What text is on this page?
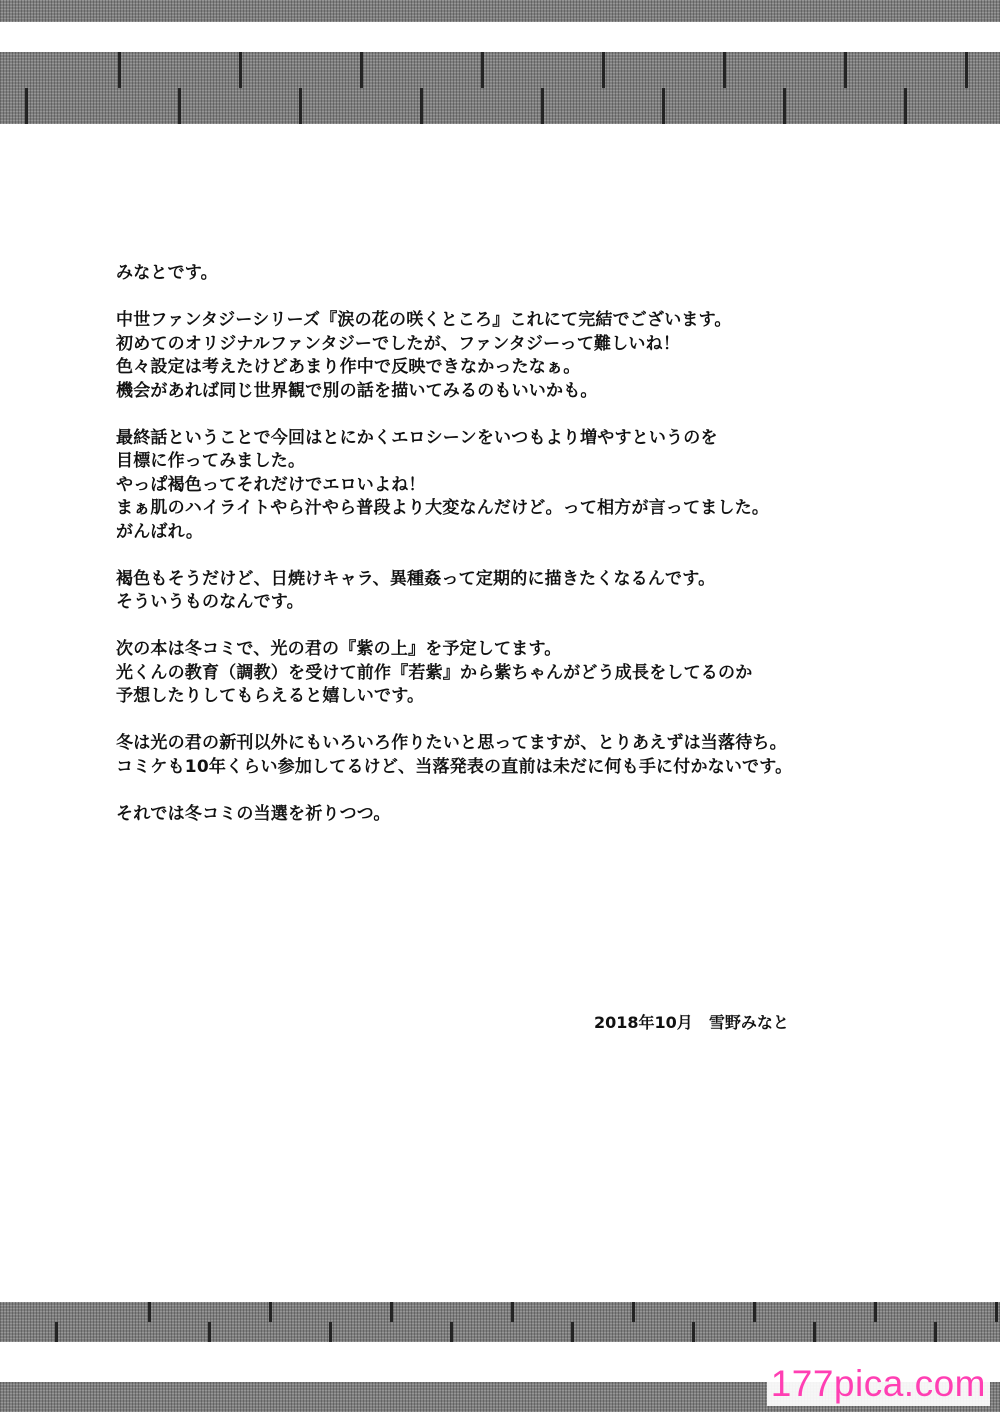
みなとです。

中世ファンタジーシリーズ『涙の花の咲くところ』これにて完結でございます。

初めてのオリジナルファンタジーでしたが、ファンタジーって難しいね！

色々設定は考えたけどあまり作中で反映できなかったなぁ。

機会があれば同じ世界観で別の話を描いてみるのもいいかも。

最終話ということで今回はとにかくエロシーンをいつもより増やすというのを

目標に作ってみました。

やっぱ褐色ってそれだけでエロいよね！

まぁ肌のハイライトやら汁やら普段より大変なんだけど。って相方が言ってました。

がんばれ。

褐色もそうだけど、日焼けキャラ、異種姦って定期的に描きたくなるんです。

そういうものなんです。

次の本は冬コミで、光の君の『紫の上』を予定してます。

光くんの教育（調教）を受けて前作『若紫』から紫ちゃんがどう成長をしてるのか

予想したりしてもらえると嬉しいです。

冬は光の君の新刊以外にもいろいろ作りたいと思ってますが、とりあえずは当落待ち。

コミケも10年くらい参加してるけど、当落発表の直前は未だに何も手に付かないです。

それでは冬コミの当選を祈りつつ。

2018年10月　 雪野みなと
177pica.com
